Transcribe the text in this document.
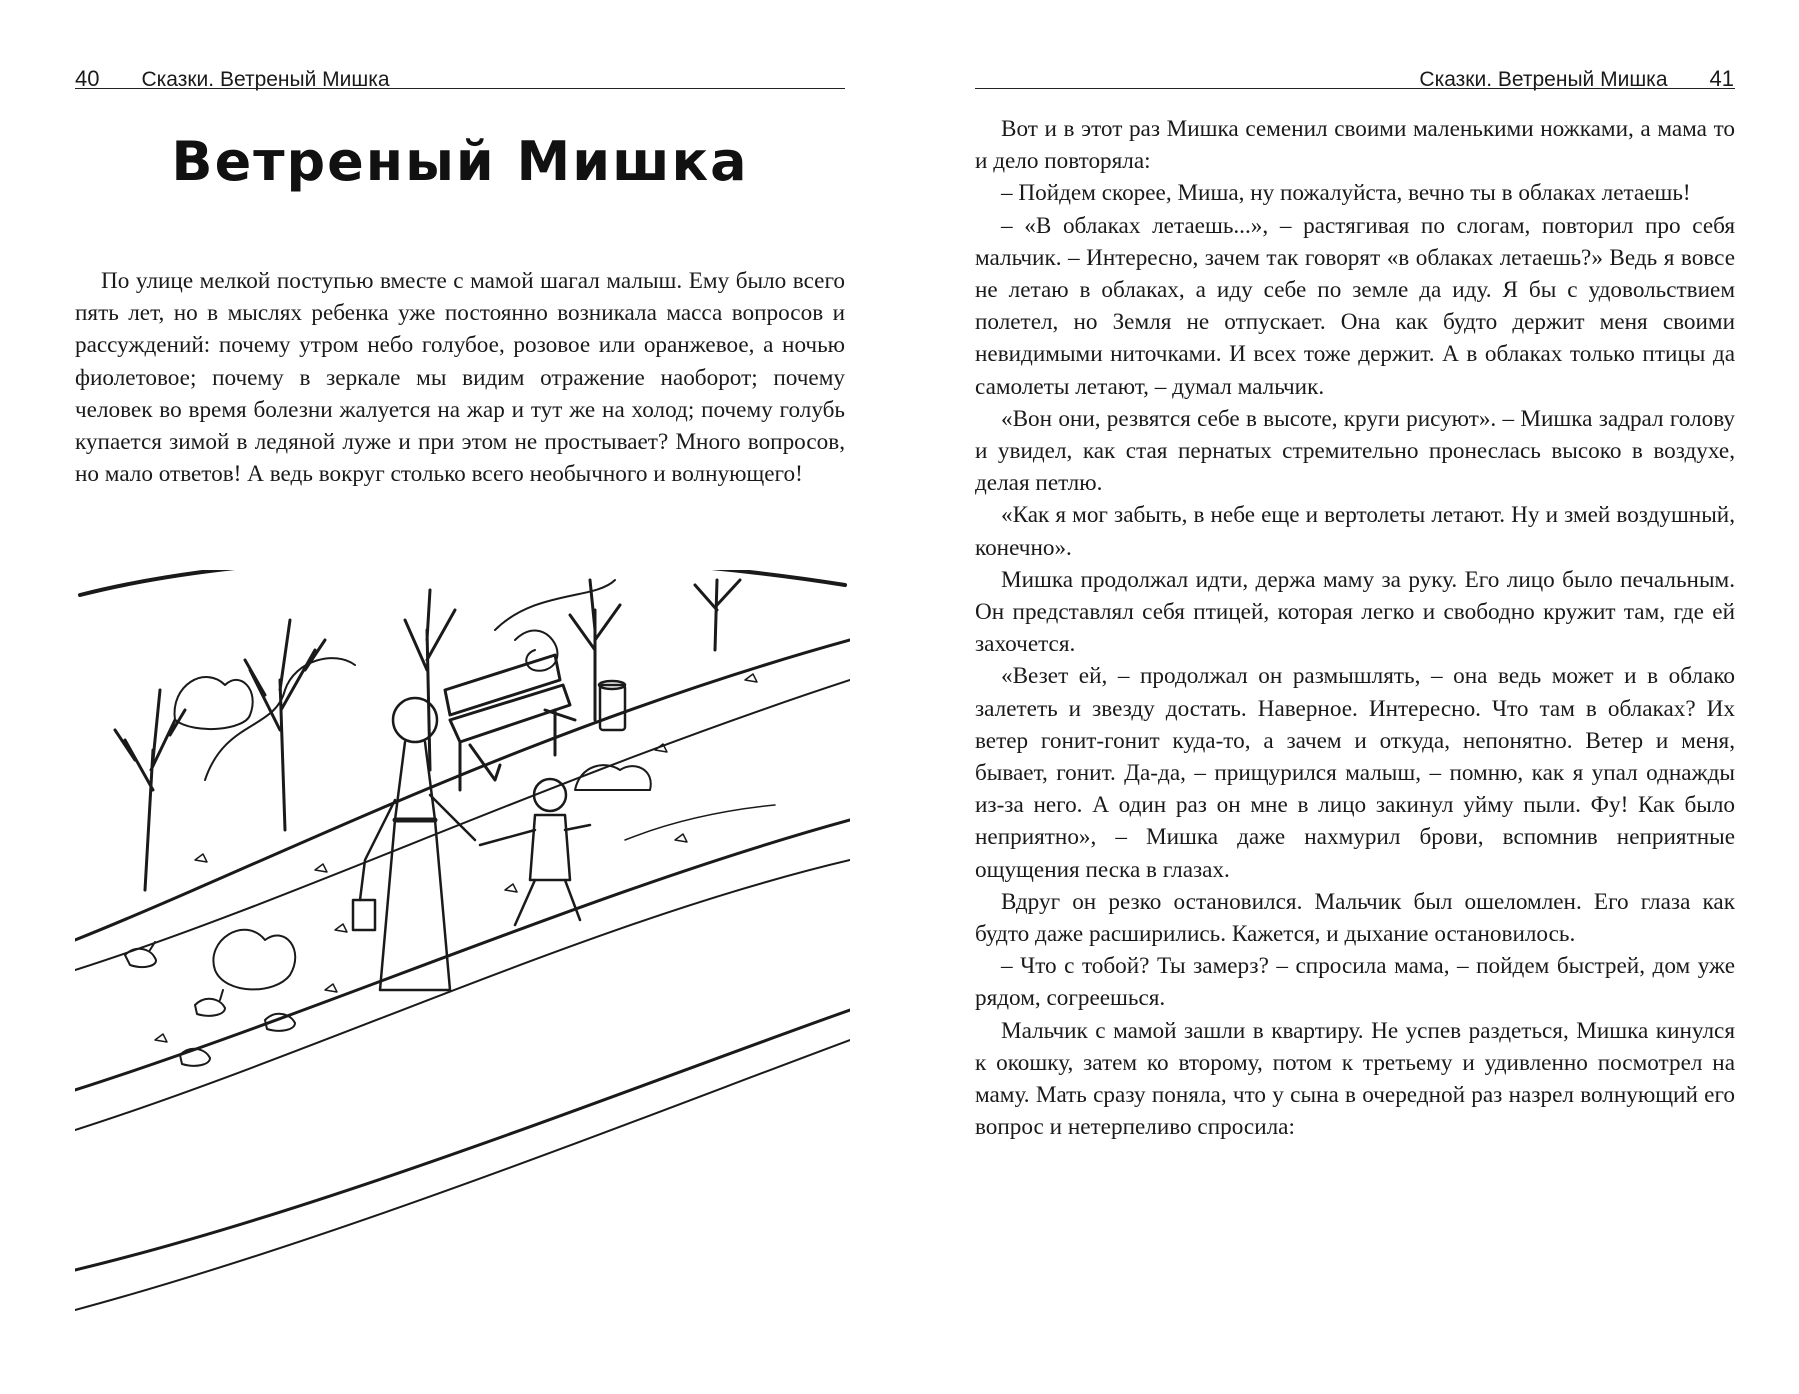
40 Сказки. Ветреный Мишка
Ветреный Мишка

По улице мелкой поступью вместе с мамой шагал малыш. Ему было всего пять лет, но в мыслях ребенка уже постоянно возникала масса вопросов и рассуждений: почему утром небо голубое, розовое или оранжевое, а ночью фиолетовое; почему в зеркале мы видим отражение наоборот; почему человек во время болезни жалуется на жар и тут же на холод; почему голубь купается зимой в ледяной луже и при этом не простывает? Много вопросов, но мало ответов! А ведь вокруг столько всего необычного и волнующего!

Сказки. Ветреный Мишка 41

Вот и в этот раз Мишка семенил своими маленькими ножками, а мама то и дело повторяла:

– Пойдем скорее, Миша, ну пожалуйста, вечно ты в облаках летаешь!

– «В облаках летаешь...», – растягивая по слогам, повторил про себя мальчик. – Интересно, зачем так говорят «в облаках летаешь?» Ведь я вовсе не летаю в облаках, а иду себе по земле да иду. Я бы с удовольствием полетел, но Земля не отпускает. Она как будто держит меня своими невидимыми ниточками. И всех тоже держит. А в облаках только птицы да самолеты летают, – думал мальчик.

«Вон они, резвятся себе в высоте, круги рисуют». – Мишка задрал голову и увидел, как стая пернатых стремительно пронеслась высоко в воздухе, делая петлю.

«Как я мог забыть, в небе еще и вертолеты летают. Ну и змей воздушный, конечно».

Мишка продолжал идти, держа маму за руку. Его лицо было печальным. Он представлял себя птицей, которая легко и свободно кружит там, где ей захочется.

«Везет ей, – продолжал он размышлять, – она ведь может и в облако залететь и звезду достать. Наверное. Интересно. Что там в облаках? Их ветер гонит-гонит куда-то, а зачем и откуда, непонятно. Ветер и меня, бывает, гонит. Да-да, – прищурился малыш, – помню, как я упал однажды из-за него. А один раз он мне в лицо закинул уйму пыли. Фу! Как было неприятно», – Мишка даже нахмурил брови, вспомнив неприятные ощущения песка в глазах.

Вдруг он резко остановился. Мальчик был ошеломлен. Его глаза как будто даже расширились. Кажется, и дыхание остановилось.

– Что с тобой? Ты замерз? – спросила мама, – пойдем быстрей, дом уже рядом, согреешься.

Мальчик с мамой зашли в квартиру. Не успев раздеться, Мишка кинулся к окошку, затем ко второму, потом к третьему и удивленно посмотрел на маму. Мать сразу поняла, что у сына в очередной раз назрел волнующий его вопрос и нетерпеливо спросила:
